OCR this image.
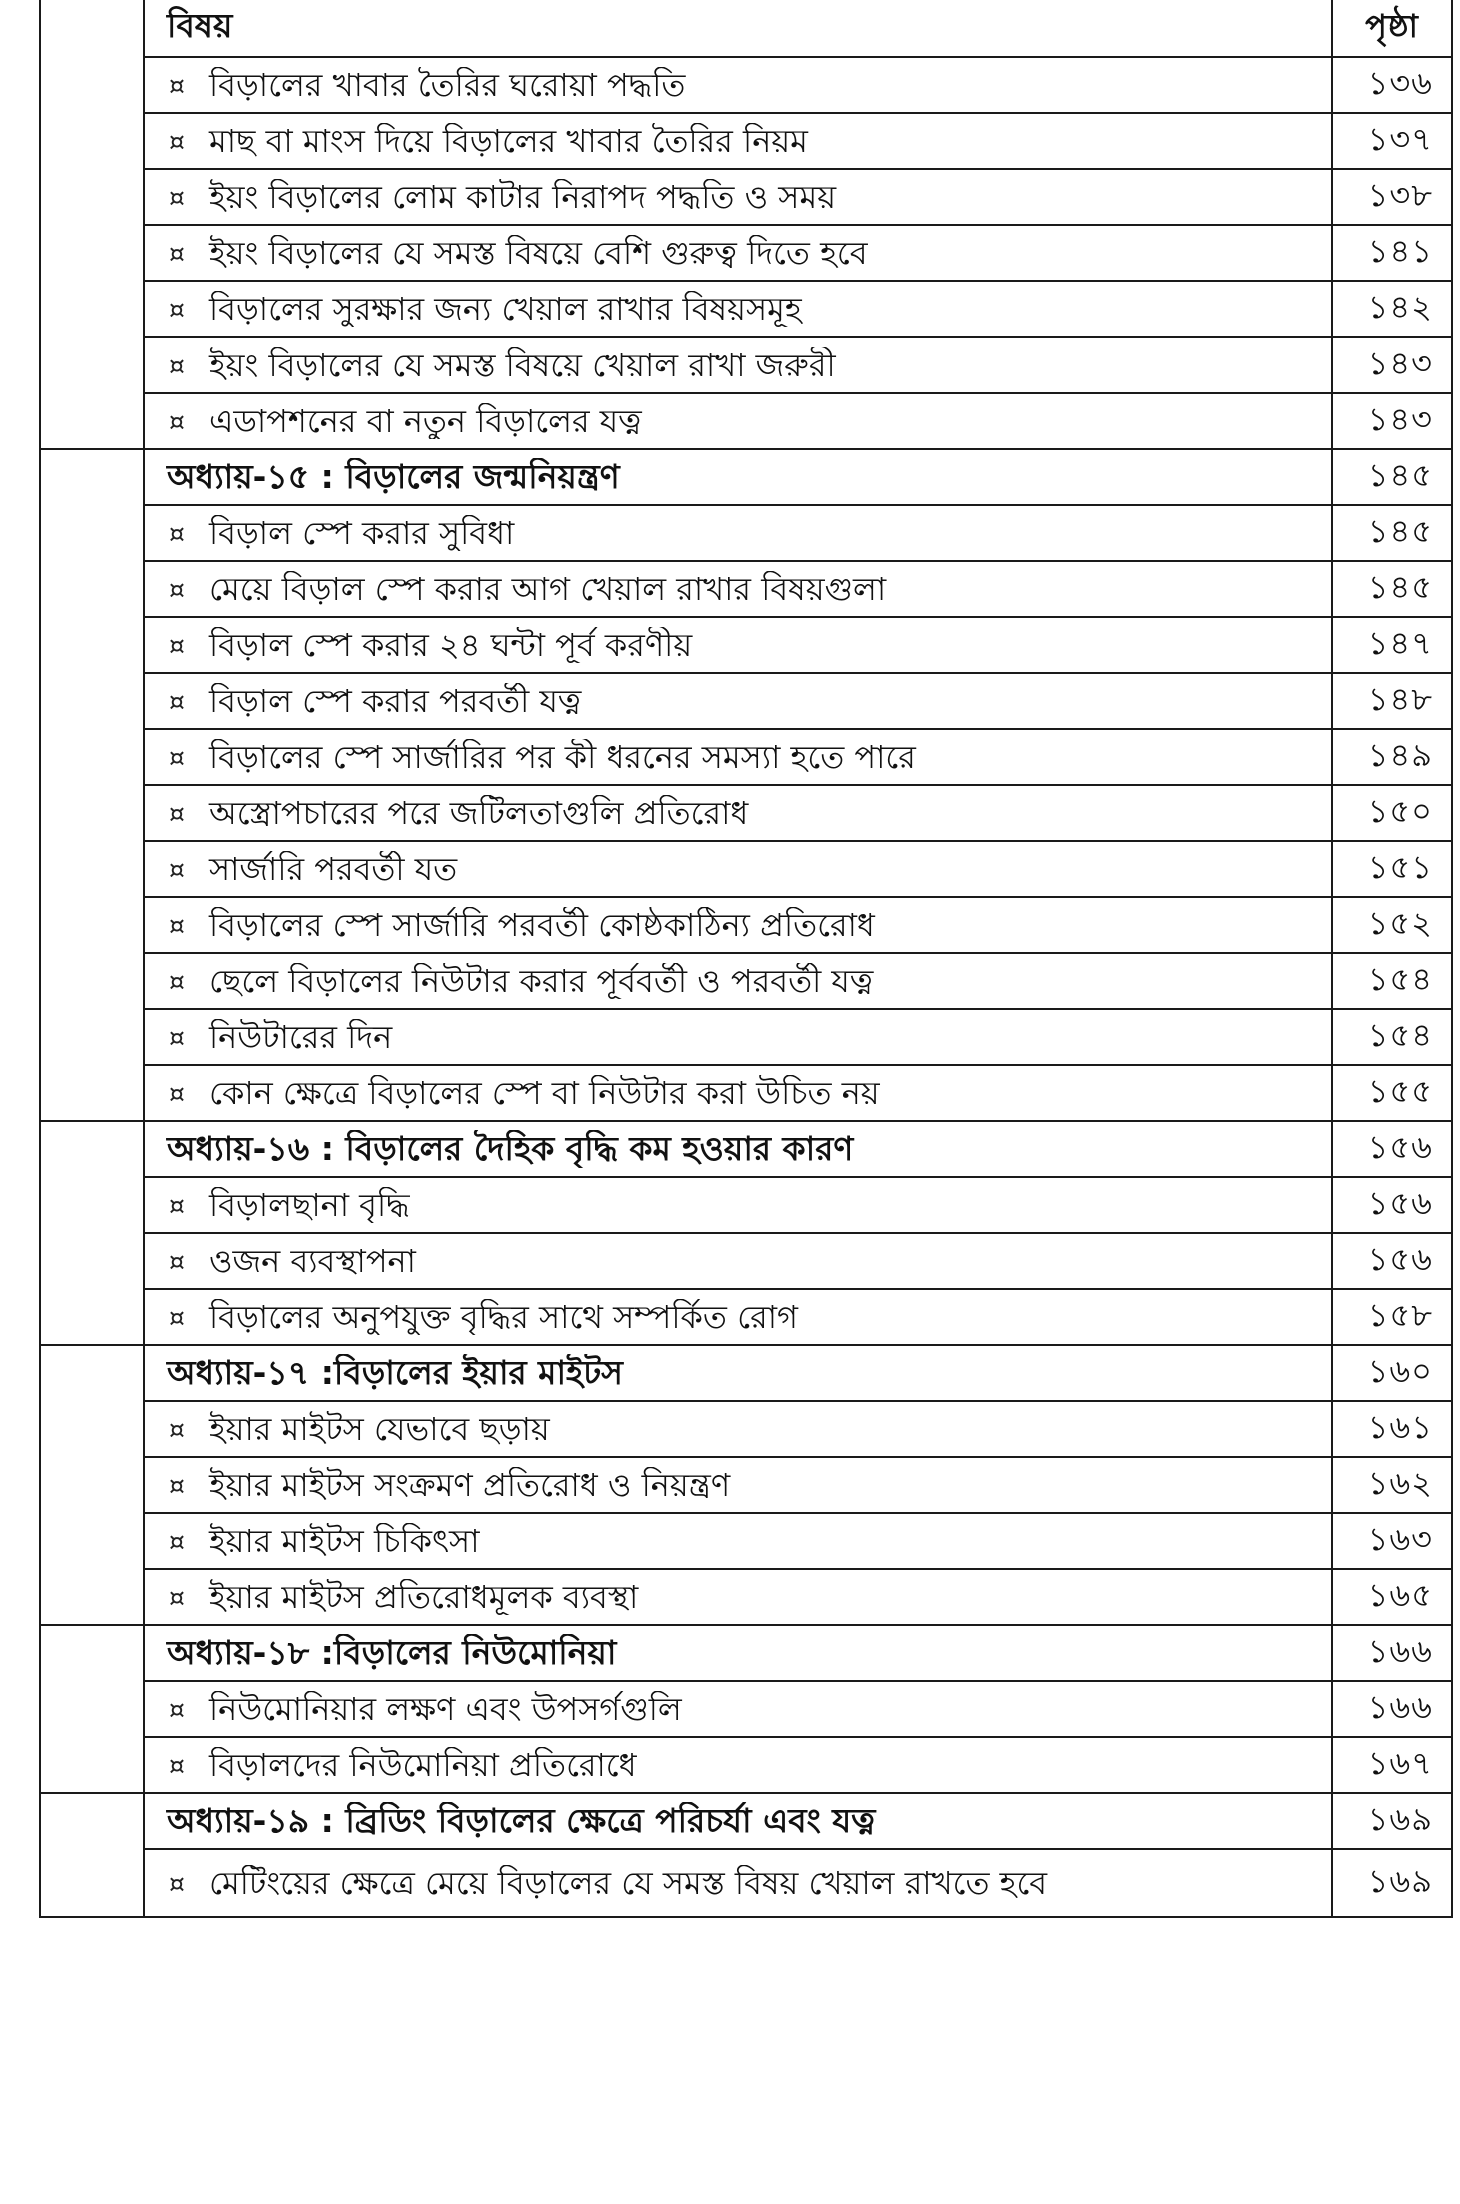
	বিষয়	পৃষ্ঠা

	¤ বিড়ালের খাবার তৈরির ঘরোয়া পদ্ধতি	১৩৬

	¤ মাছ বা মাংস দিয়ে বিড়ালের খাবার তৈরির নিয়ম	১৩৭

	¤ ইয়ং বিড়ালের লোম কাটার নিরাপদ পদ্ধতি ও সময়	১৩৮

	¤ ইয়ং বিড়ালের যে সমস্ত বিষয়ে বেশি গুরুত্ব দিতে হবে	১৪১

	¤ বিড়ালের সুরক্ষার জন্য খেয়াল রাখার বিষয়সমূহ	১৪২

	¤ ইয়ং বিড়ালের যে সমস্ত বিষয়ে খেয়াল রাখা জরুরী	১৪৩

	¤ এডাপশনের বা নতুন বিড়ালের যত্ন	১৪৩

	অধ্যায়-১৫ : বিড়ালের জন্মনিয়ন্ত্রণ	১৪৫

	¤ বিড়াল স্পে করার সুবিধা	১৪৫

	¤ মেয়ে বিড়াল স্পে করার আগ খেয়াল রাখার বিষয়গুলা	১৪৫

	¤ বিড়াল স্পে করার ২৪ ঘন্টা পূর্ব করণীয়	১৪৭

	¤ বিড়াল স্পে করার পরবর্তী যত্ন	১৪৮

	¤ বিড়ালের স্পে সার্জারির পর কী ধরনের সমস্যা হতে পারে	১৪৯

	¤ অস্ত্রোপচারের পরে জটিলতাগুলি প্রতিরোধ	১৫০

	¤ সার্জারি পরবর্তী যত	১৫১

	¤ বিড়ালের স্পে সার্জারি পরবর্তী কোষ্ঠকাঠিন্য প্রতিরোধ	১৫২

	¤ ছেলে বিড়ালের নিউটার করার পূর্ববর্তী ও পরবর্তী যত্ন	১৫৪

	¤ নিউটারের দিন	১৫৪

	¤ কোন ক্ষেত্রে বিড়ালের স্পে বা নিউটার করা উচিত নয়	১৫৫

	অধ্যায়-১৬ : বিড়ালের দৈহিক বৃদ্ধি কম হওয়ার কারণ	১৫৬

	¤ বিড়ালছানা বৃদ্ধি	১৫৬

	¤ ওজন ব্যবস্থাপনা	১৫৬

	¤ বিড়ালের অনুপযুক্ত বৃদ্ধির সাথে সম্পর্কিত রোগ	১৫৮

	অধ্যায়-১৭ :বিড়ালের ইয়ার মাইটস	১৬০

	¤ ইয়ার মাইটস যেভাবে ছড়ায়	১৬১

	¤ ইয়ার মাইটস সংক্রমণ প্রতিরোধ ও নিয়ন্ত্রণ	১৬২

	¤ ইয়ার মাইটস চিকিৎসা	১৬৩

	¤ ইয়ার মাইটস প্রতিরোধমূলক ব্যবস্থা	১৬৫

	অধ্যায়-১৮ :বিড়ালের নিউমোনিয়া	১৬৬

	¤ নিউমোনিয়ার লক্ষণ এবং উপসর্গগুলি	১৬৬

	¤ বিড়ালদের নিউমোনিয়া প্রতিরোধে	১৬৭

	অধ্যায়-১৯ : ব্রিডিং বিড়ালের ক্ষেত্রে পরিচর্যা এবং যত্ন	১৬৯

	¤ মেটিংয়ের ক্ষেত্রে মেয়ে বিড়ালের যে সমস্ত বিষয় খেয়াল রাখতে হবে	১৬৯
